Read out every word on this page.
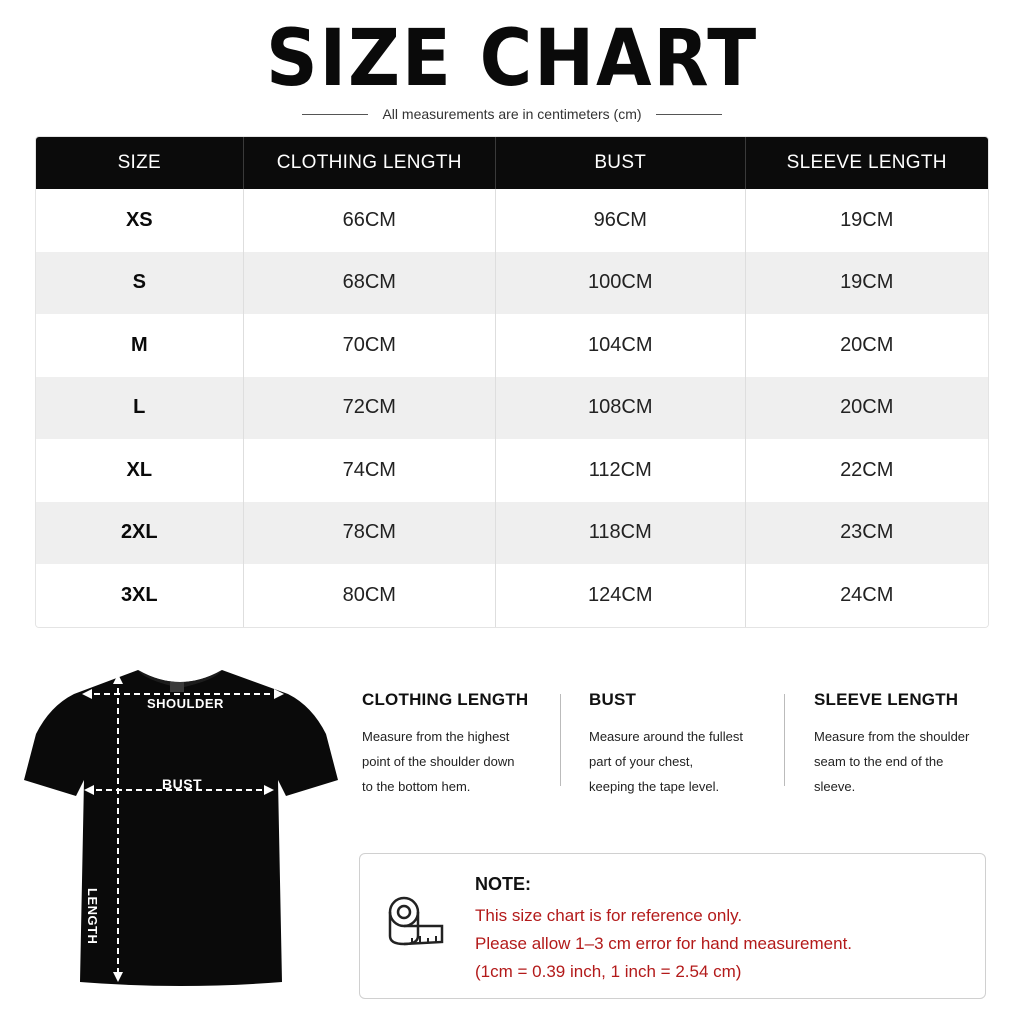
SIZE CHART
All measurements are in centimeters (cm)
SIZE	CLOTHING LENGTH	BUST	SLEEVE LENGTH
XS	66CM	96CM	19CM
S	68CM	100CM	19CM
M	70CM	104CM	20CM
L	72CM	108CM	20CM
XL	74CM	112CM	22CM
2XL	78CM	118CM	23CM
3XL	80CM	124CM	24CM
SHOULDER
BUST
LENGTH
CLOTHING LENGTH

Measure from the highest

point of the shoulder down

to the bottom hem.

BUST

Measure around the fullest

part of your chest,

keeping the tape level.

SLEEVE LENGTH

Measure from the shoulder

seam to the end of the

sleeve.

NOTE:
This size chart is for reference only.
Please allow 1–3 cm error for hand measurement.
(1cm = 0.39 inch, 1 inch = 2.54 cm)
